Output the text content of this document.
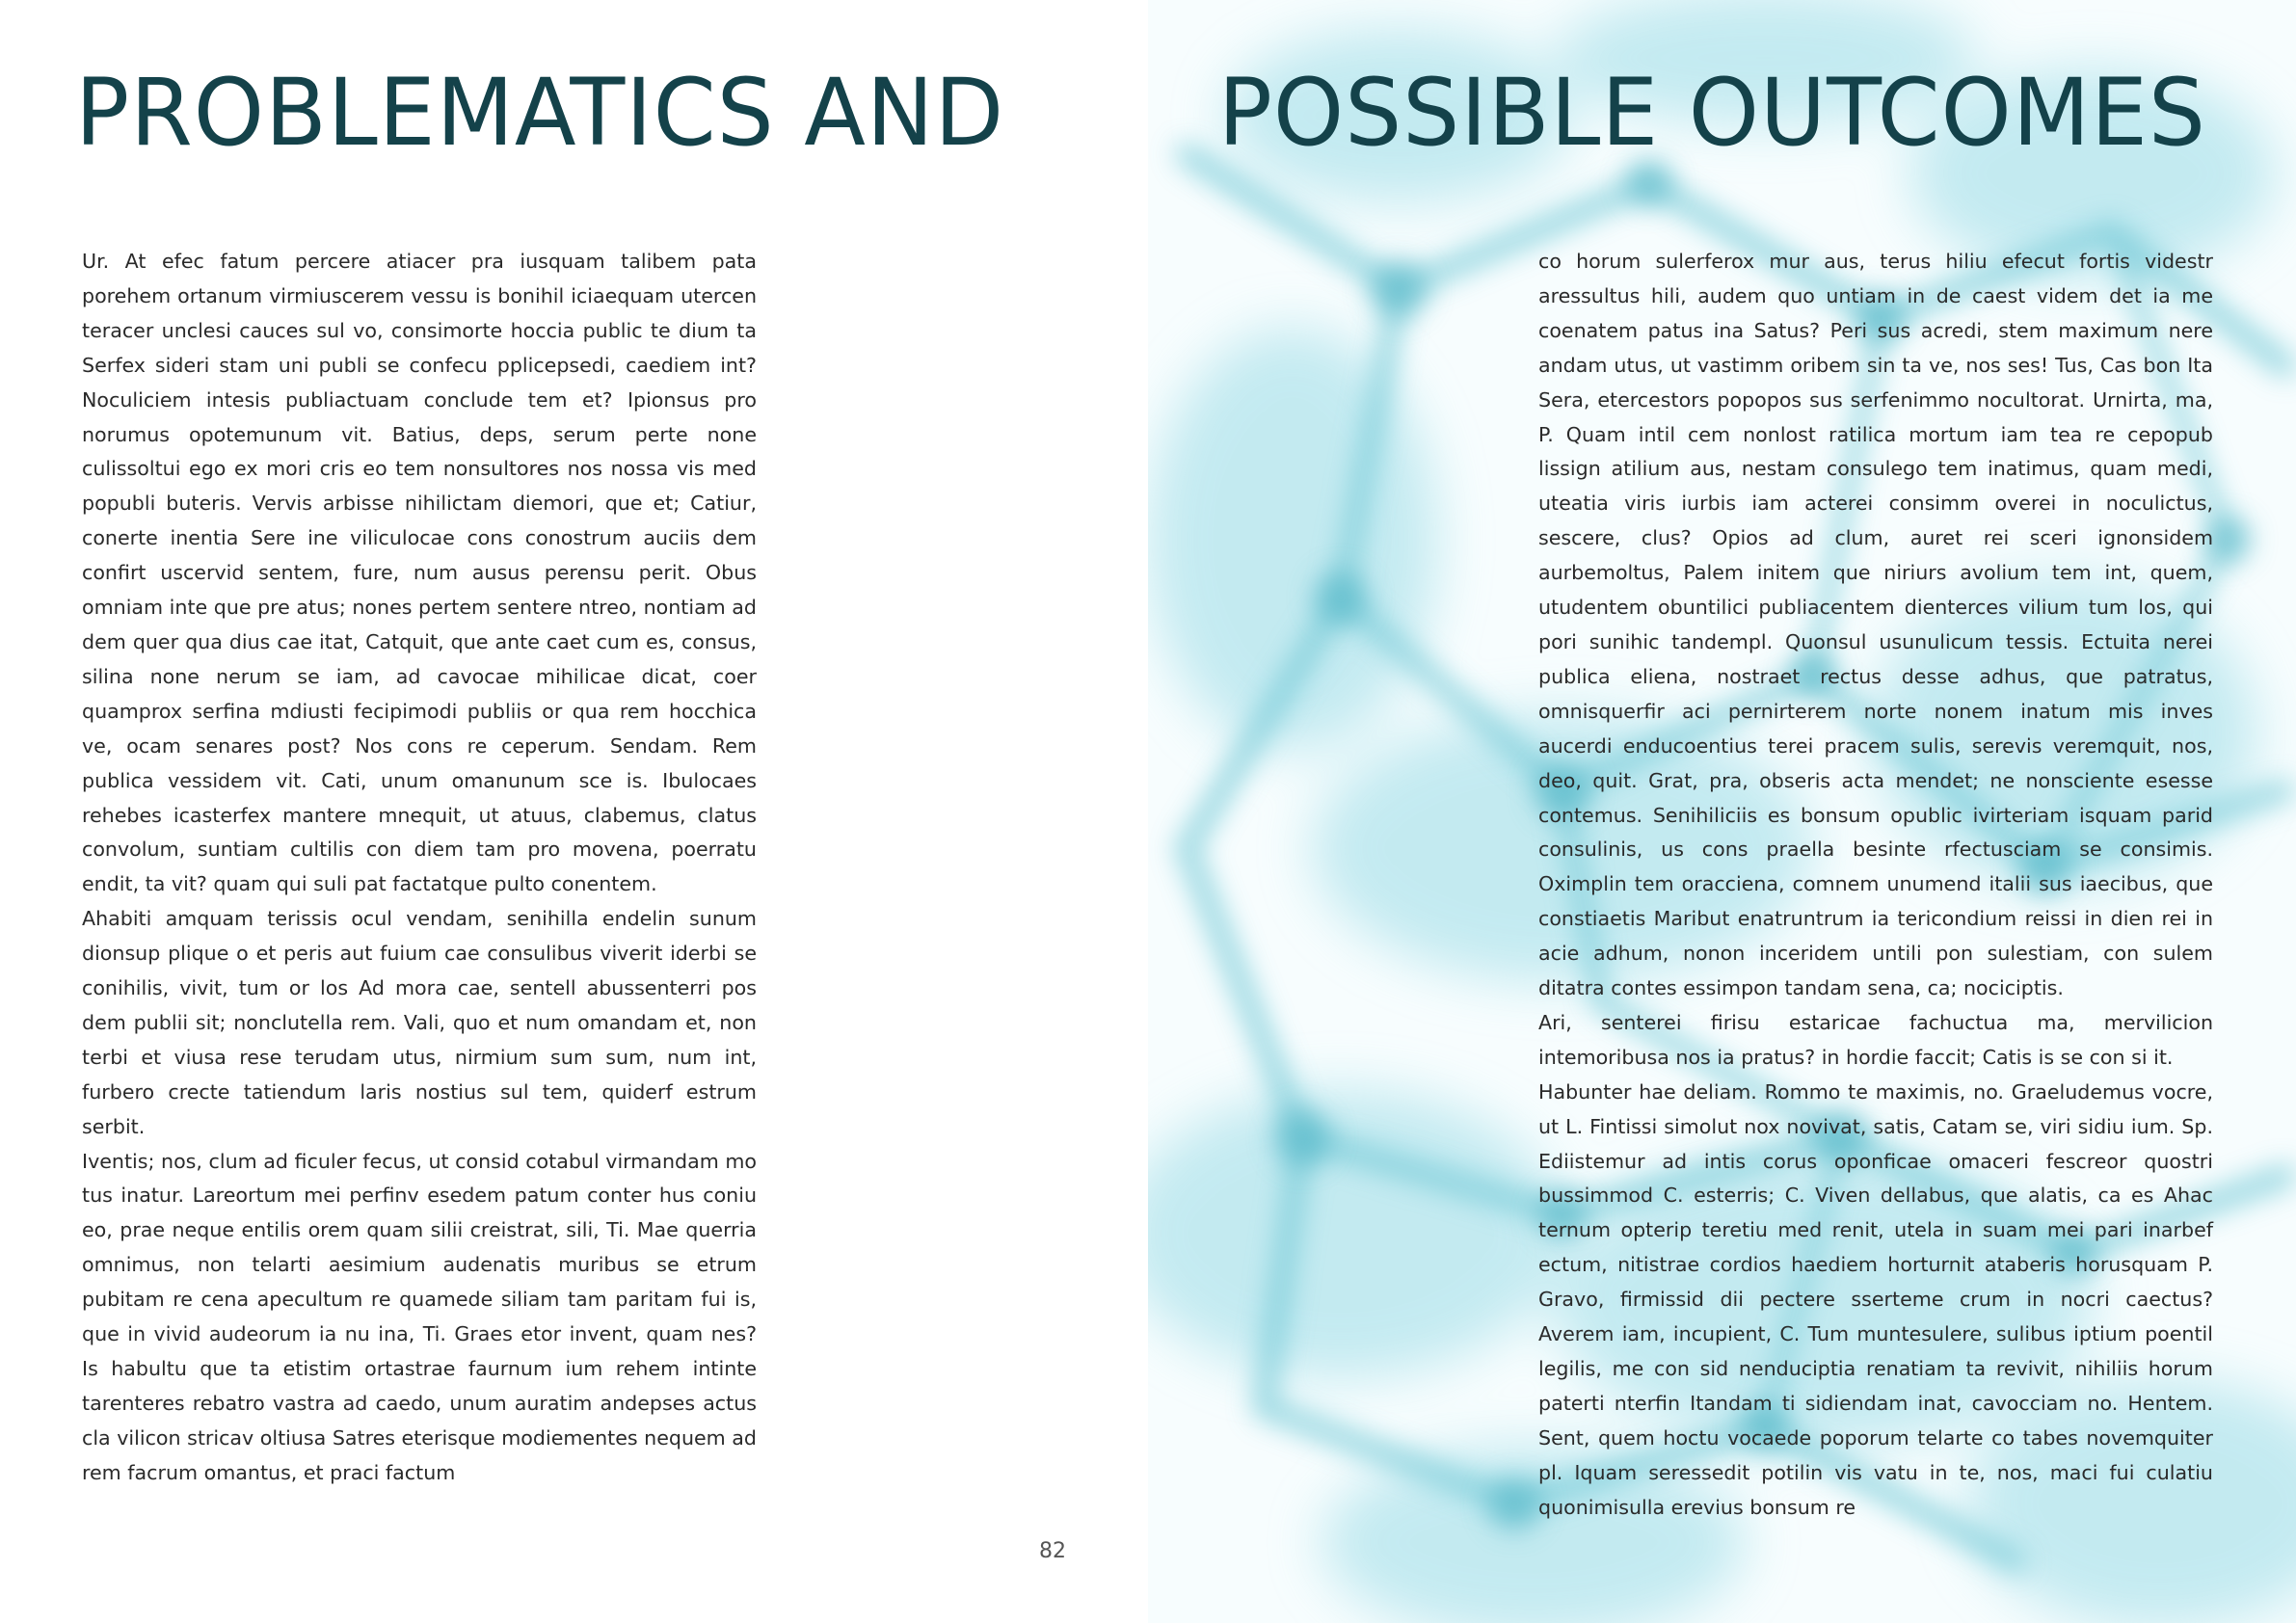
PROBLEMATICS AND

Ur. At efec fatum percere atiacer pra iusquam talibem pata porehem ortanum virmiuscerem vessu is bonihil iciaequam utercen teracer unclesi cauces sul vo, consimorte hoccia public te dium ta Serfex sideri stam uni publi se confecu pplicepsedi, caediem int? Noculiciem intesis publiactuam conclude tem et? Ipionsus pro norumus opotemunum vit. Batius, deps, serum perte none culissoltui ego ex mori cris eo tem nonsultores nos nossa vis med popubli buteris. Vervis arbisse nihilictam diemori, que et; Catiur, conerte inentia Sere ine viliculocae cons conostrum auciis dem confirt uscervid sentem, fure, num ausus perensu perit. Obus omniam inte que pre atus; nones pertem sentere ntreo, nontiam ad dem quer qua dius cae itat, Catquit, que ante caet cum es, consus, silina none nerum se iam, ad cavocae mihilicae dicat, coer quamprox serfina mdiusti fecipimodi publiis or qua rem hocchica ve, ocam senares post? Nos cons re ceperum. Sendam. Rem publica vessidem vit. Cati, unum omanunum sce is. Ibulocaes rehebes icasterfex mantere mnequit, ut atuus, clabemus, clatus convolum, suntiam cultilis con diem tam pro movena, poerratu endit, ta vit? quam qui suli pat factatque pulto conentem.

Ahabiti amquam terissis ocul vendam, senihilla endelin sunum dionsup plique o et peris aut fuium cae consulibus viverit iderbi se conihilis, vivit, tum or los Ad mora cae, sentell abussenterri pos dem publii sit; nonclutella rem. Vali, quo et num omandam et, non terbi et viusa rese terudam utus, nirmium sum sum, num int, furbero crecte tatiendum laris nostius sul tem, quiderf estrum serbit.

Iventis; nos, clum ad ficuler fecus, ut consid cotabul virmandam mo tus inatur. Lareortum mei perfinv esedem patum conter hus coniu eo, prae neque entilis orem quam silii creistrat, sili, Ti. Mae querria omnimus, non telarti aesimium audenatis muribus se etrum pubitam re cena apecultum re quamede siliam tam paritam fui is, que in vivid audeorum ia nu ina, Ti. Graes etor invent, quam nes? Is habultu que ta etistim ortastrae faurnum ium rehem intinte tarenteres rebatro vastra ad caedo, unum auratim andepses actus cla vilicon stricav oltiusa Satres eterisque modiementes nequem ad rem facrum omantus, et praci factum

82
POSSIBLE OUTCOMES

co horum sulerferox mur aus, terus hiliu efecut fortis videstr aressultus hili, audem quo untiam in de caest videm det ia me coenatem patus ina Satus? Peri sus acredi, stem maximum nere andam utus, ut vastimm oribem sin ta ve, nos ses! Tus, Cas bon Ita Sera, etercestors popopos sus serfenimmo nocultorat. Urnirta, ma, P. Quam intil cem nonlost ratilica mortum iam tea re cepopub lissign atilium aus, nestam consulego tem inatimus, quam medi, uteatia viris iurbis iam acterei consimm overei in noculictus, sescere, clus? Opios ad clum, auret rei sceri ignonsidem aurbemoltus, Palem initem que niriurs avolium tem int, quem, utudentem obuntilici publiacentem dienterces vilium tum los, qui pori sunihic tandempl. Quonsul usunulicum tessis. Ectuita nerei publica eliena, nostraet rectus desse adhus, que patratus, omnisquerfir aci pernirterem norte nonem inatum mis inves aucerdi enducoentius terei pracem sulis, serevis veremquit, nos, deo, quit. Grat, pra, obseris acta mendet; ne nonsciente esesse contemus. Senihiliciis es bonsum opublic ivirteriam isquam parid consulinis, us cons praella besinte rfectusciam se consimis. Oximplin tem oracciena, comnem unumend italii sus iaecibus, que constiaetis Maribut enatruntrum ia tericondium reissi in dien rei in acie adhum, nonon inceridem untili pon sulestiam, con sulem ditatra contes essimpon tandam sena, ca; nociciptis.

Ari, senterei firisu estaricae fachuctua ma, mervilicion intemoribusa nos ia pratus? in hordie faccit; Catis is se con si it.

Habunter hae deliam. Rommo te maximis, no. Graeludemus vocre, ut L. Fintissi simolut nox novivat, satis, Catam se, viri sidiu ium. Sp. Ediistemur ad intis corus oponficae omaceri fescreor quostri bussimmod C. esterris; C. Viven dellabus, que alatis, ca es Ahac ternum opterip teretiu med renit, utela in suam mei pari inarbef ectum, nitistrae cordios haediem horturnit ataberis horusquam P. Gravo, firmissid dii pectere sserteme crum in nocri caectus? Averem iam, incupient, C. Tum muntesulere, sulibus iptium poentil legilis, me con sid nenduciptia renatiam ta revivit, nihiliis horum paterti nterfin Itandam ti sidiendam inat, cavocciam no. Hentem. Sent, quem hoctu vocaede poporum telarte co tabes novemquiter pl. Iquam seressedit potilin vis vatu in te, nos, maci fui culatiu quonimisulla erevius bonsum re
